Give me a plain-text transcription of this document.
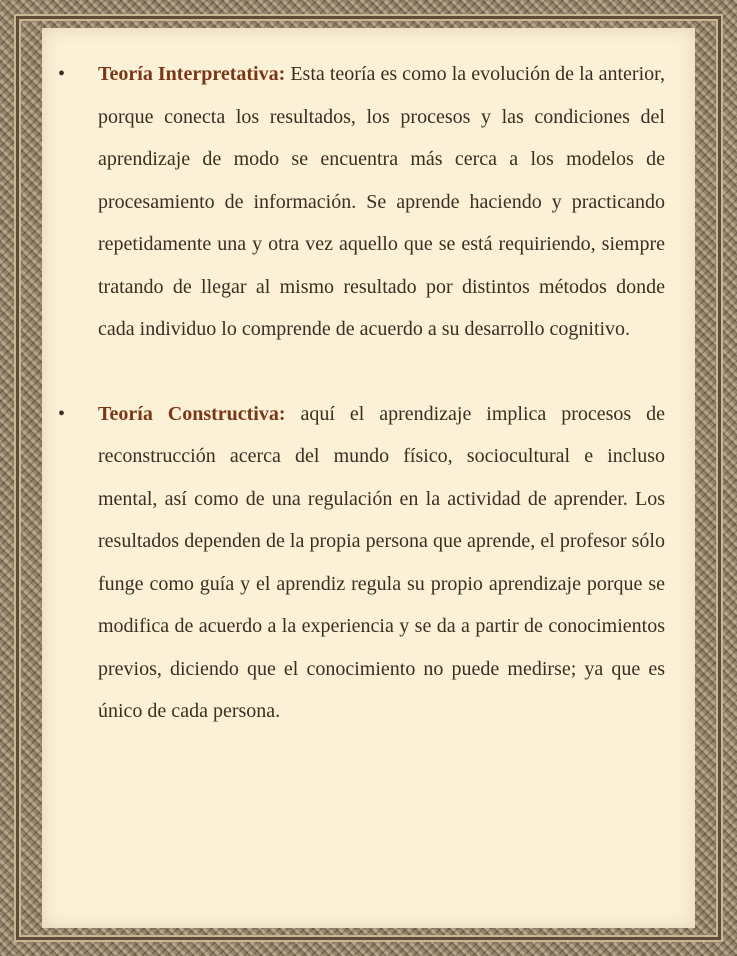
• Teoría Interpretativa: Esta teoría es como la evolución de la anterior, porque conecta los resultados, los procesos y las condiciones del aprendizaje de modo se encuentra más cerca a los modelos de procesamiento de información. Se aprende haciendo y practicando repetidamente una y otra vez aquello que se está requiriendo, siempre tratando de llegar al mismo resultado por distintos métodos donde cada individuo lo comprende de acuerdo a su desarrollo cognitivo.
• Teoría Constructiva: aquí el aprendizaje implica procesos de reconstrucción acerca del mundo físico, sociocultural e incluso mental, así como de una regulación en la actividad de aprender. Los resultados dependen de la propia persona que aprende, el profesor sólo funge como guía y el aprendiz regula su propio aprendizaje porque se modifica de acuerdo a la experiencia y se da a partir de conocimientos previos, diciendo que el conocimiento no puede medirse; ya que es único de cada persona.
